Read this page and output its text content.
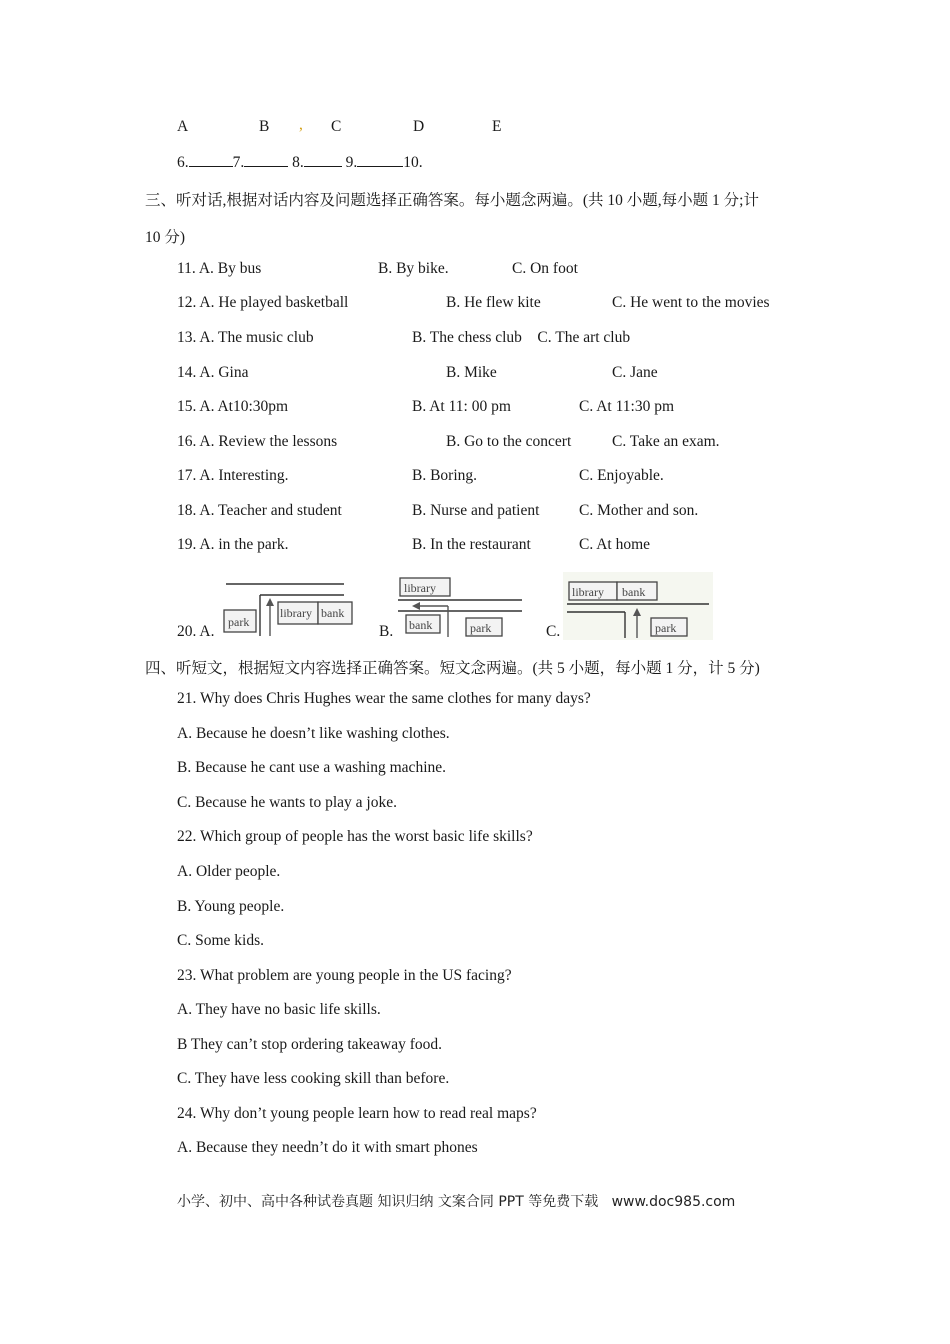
A	B , C	D	E
6.	7.	8.	9.	10.
三、听对话,根据对话内容及问题选择正确答案。每小题念两遍。(共 10 小题,每小题 1 分;计
10 分)
11. A. By bus	B. By bike.	C. On foot
12. A. He played basketball	B. He flew kite	C. He went to the movies
13. A. The music club	B. The chess club    C. The art club
14. A. Gina	B. Mike	C. Jane
15. A. At10:30pm	B. At 11: 00 pm	C. At 11:30 pm
16. A. Review the lessons	B. Go to the concert	C. Take an exam.
17. A. Interesting.	B. Boring.	C. Enjoyable.
18. A. Teacher and student	B. Nurse and patient	C. Mother and son.
19. A. in the park.	B. In the restaurant	C. At home
20. A.	B.	C.
park
library bank
library
bank	park
library bank
park
四、听短文，根据短文内容选择正确答案。短文念两遍。(共 5 小题，每小题 1 分，计 5 分)
21. Why does Chris Hughes wear the same clothes for many days?
A. Because he doesn’t like washing clothes.
B. Because he cant use a washing machine.
C. Because he wants to play a joke.
22. Which group of people has the worst basic life skills?
A. Older people.
B. Young people.
C. Some kids.
23. What problem are young people in the US facing?
A. They have no basic life skills.
B They can’t stop ordering takeaway food.
C. They have less cooking skill than before.
24. Why don’t young people learn how to read real maps?
A. Because they needn’t do it with smart phones
小学、初中、高中各种试卷真题 知识归纳 文案合同 PPT 等免费下载   www.doc985.com
